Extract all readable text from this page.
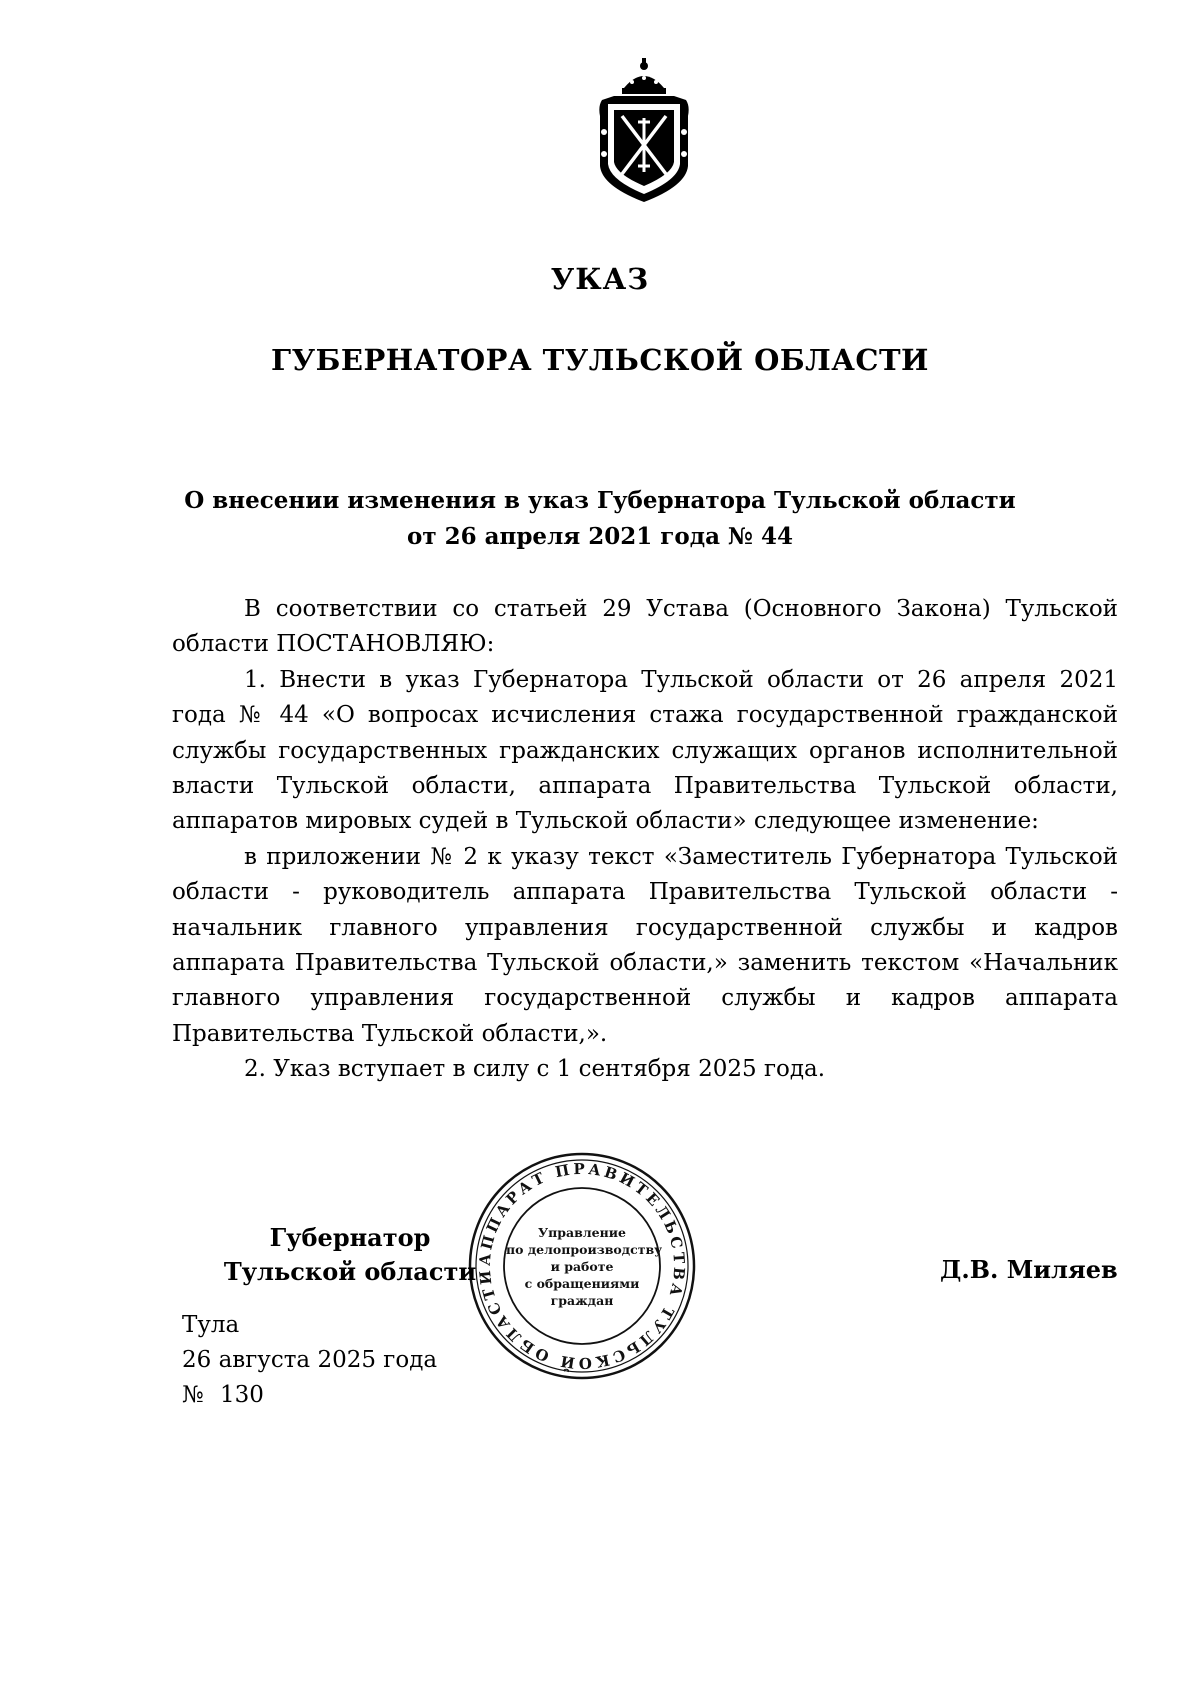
УКАЗ
ГУБЕРНАТОРА ТУЛЬСКОЙ ОБЛАСТИ
О внесении изменения в указ Губернатора Тульской области
от 26 апреля 2021 года № 44

В соответствии со статьей 29 Устава (Основного Закона) Тульской области ПОСТАНОВЛЯЮ:

1. Внести в указ Губернатора Тульской области от 26 апреля 2021 года № 44 «О вопросах исчисления стажа государственной гражданской службы государственных гражданских служащих органов исполнительной власти Тульской области, аппарата Правительства Тульской области, аппаратов мировых судей в Тульской области» следующее изменение:

в приложении № 2 к указу текст «Заместитель Губернатора Тульской области - руководитель аппарата Правительства Тульской области - начальник главного управления государственной службы и кадров аппарата Правительства Тульской области,» заменить текстом «Начальник главного управления государственной службы и кадров аппарата Правительства Тульской области,».

2. Указ вступает в силу с 1 сентября 2025 года.

АППАРАТ ПРАВИТЕЛЬСТВА ТУЛЬСКОЙ ОБЛАСТИ
Управление
по делопроизводству
и работе
с обращениями
граждан
Губернатор
Тульской области	Д.В. Миляев
Тула
26 августа 2025 года
№ 130
